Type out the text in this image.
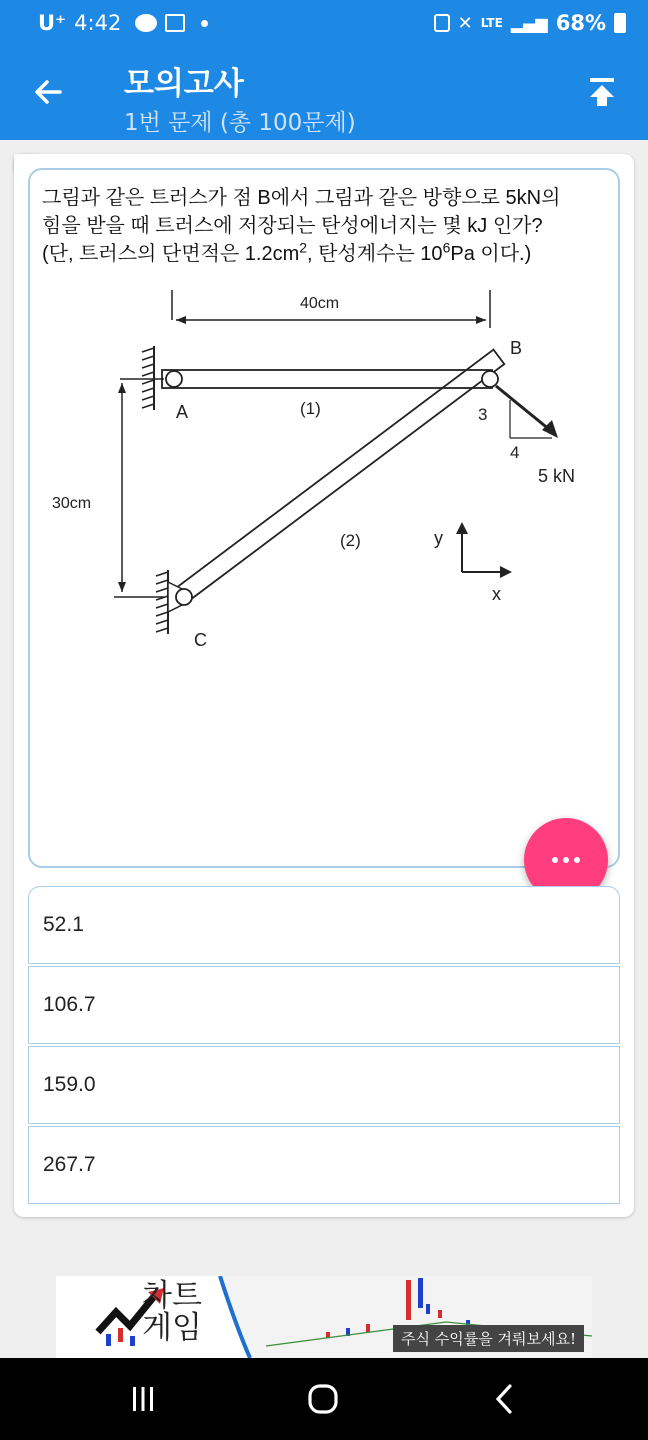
U⁺ 4:42	✕ LTE ▂▄▆ 68%
모의고사
1번 문제 (총 100문제)
그림과 같은 트러스가 점 B에서 그림과 같은 방향으로 5kN의
힘을 받을 때 트러스에 저장되는 탄성에너지는 몇 kJ 인가?
(단, 트러스의 단면적은 $1.2cm^2$, 탄성계수는 $10^6Pa$ 이다.)
40cm
A	(1)
B
3
4
5 kN
30cm
C
(2)	y
x
52.1
106.7
159.0
267.7
차트
게임	주식 수익률을 겨뤄보세요!
